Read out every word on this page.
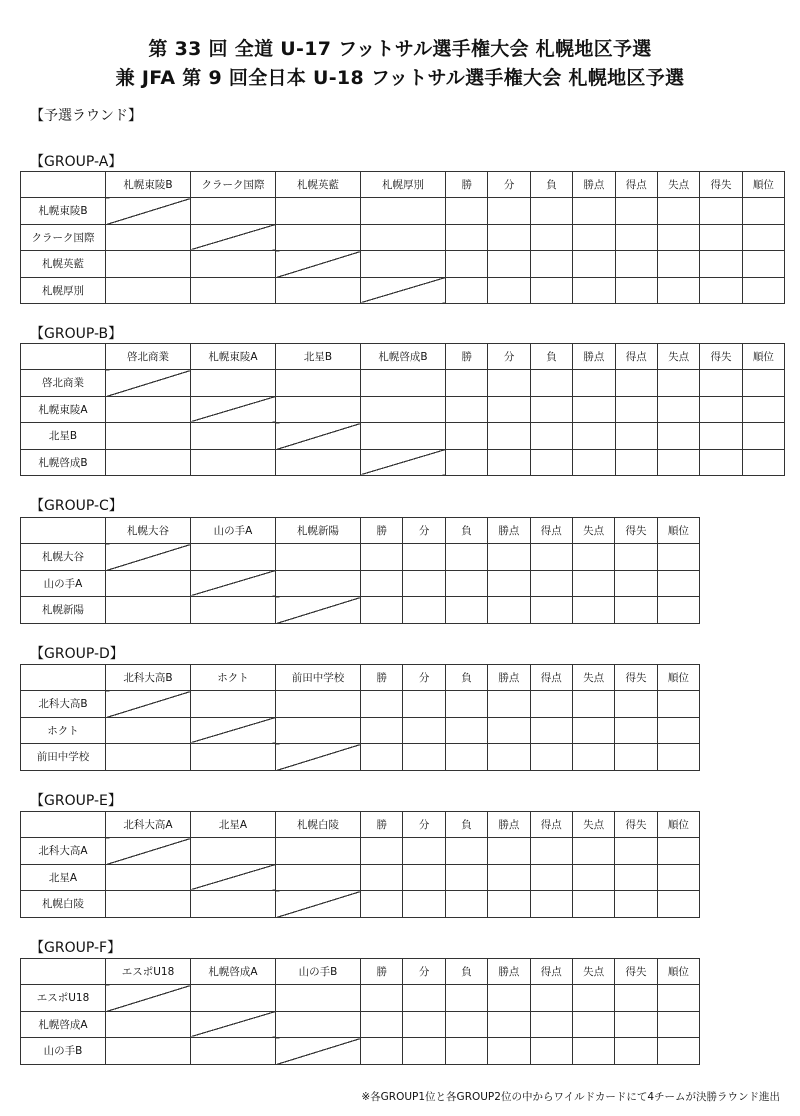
第 33 回 全道 U-17 フットサル選手権大会 札幌地区予選
兼 JFA 第 9 回全日本 U-18 フットサル選手権大会 札幌地区予選
【予選ラウンド】
【GROUP-A】
	札幌東陵B	クラーク国際	札幌英藍	札幌厚別	勝	分	負	勝点	得点	失点	得失	順位
札幌東陵B												
クラーク国際												
札幌英藍												
札幌厚別												
【GROUP-B】
	啓北商業	札幌東陵A	北星B	札幌啓成B	勝	分	負	勝点	得点	失点	得失	順位
啓北商業												
札幌東陵A												
北星B												
札幌啓成B												
【GROUP-C】
	札幌大谷	山の手A	札幌新陽	勝	分	負	勝点	得点	失点	得失	順位
札幌大谷											
山の手A											
札幌新陽											
【GROUP-D】
	北科大高B	ホクト	前田中学校	勝	分	負	勝点	得点	失点	得失	順位
北科大高B											
ホクト											
前田中学校											
【GROUP-E】
	北科大高A	北星A	札幌白陵	勝	分	負	勝点	得点	失点	得失	順位
北科大高A											
北星A											
札幌白陵											
【GROUP-F】
	エスポU18	札幌啓成A	山の手B	勝	分	負	勝点	得点	失点	得失	順位
エスポU18											
札幌啓成A											
山の手B											
※各GROUP1位と各GROUP2位の中からワイルドカードにて4チームが決勝ラウンド進出
